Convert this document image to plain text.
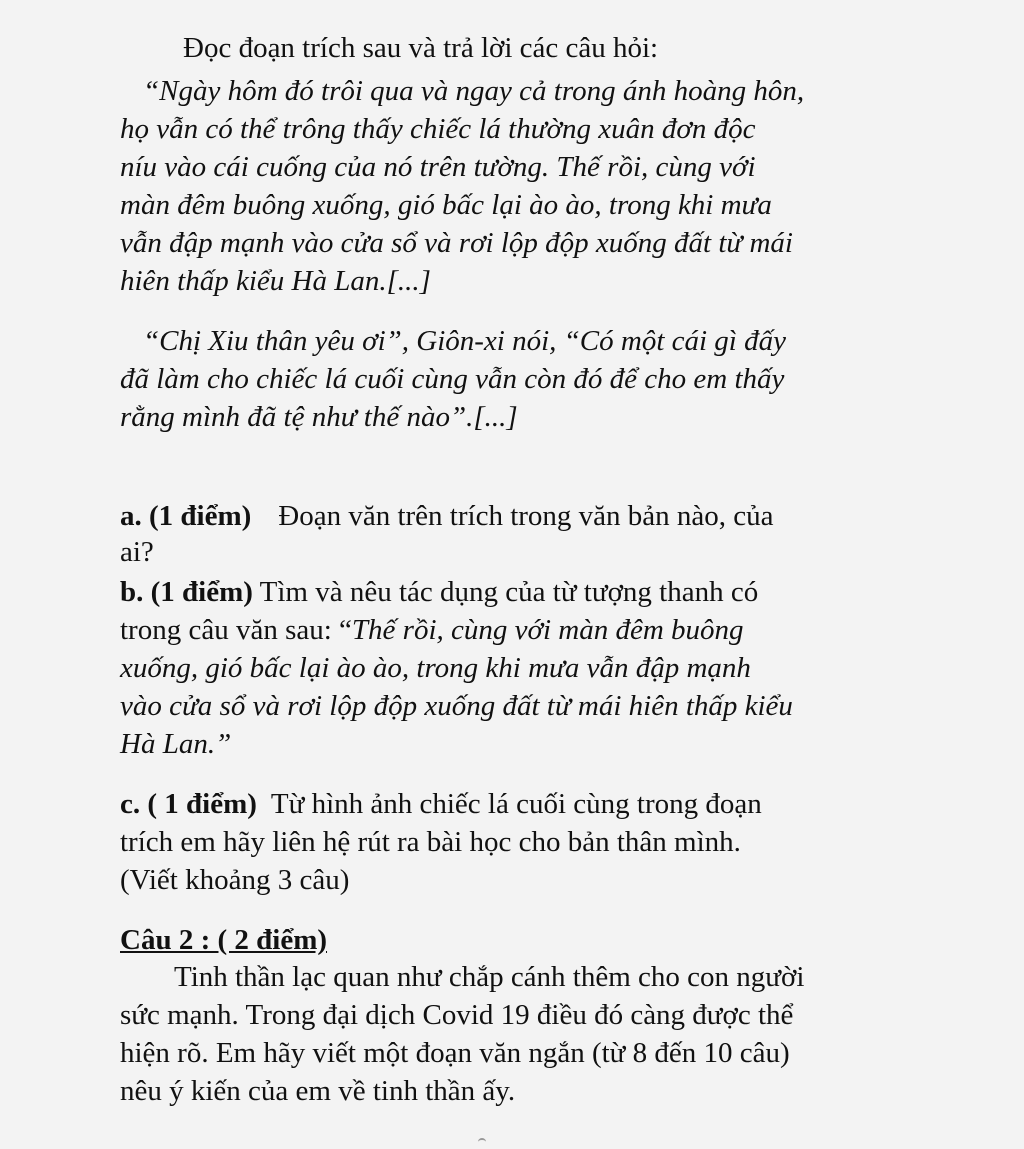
Đọc đoạn trích sau và trả lời các câu hỏi:
“Ngày hôm đó trôi qua và ngay cả trong ánh hoàng hôn,
họ vẫn có thể trông thấy chiếc lá thường xuân đơn độc
níu vào cái cuống của nó trên tường. Thế rồi, cùng với
màn đêm buông xuống, gió bấc lại ào ào, trong khi mưa
vẫn đập mạnh vào cửa sổ và rơi lộp độp xuống đất từ mái
hiên thấp kiểu Hà Lan.[...]
“Chị Xiu thân yêu ơi”, Giôn-xi nói, “Có một cái gì đấy
đã làm cho chiếc lá cuối cùng vẫn còn đó để cho em thấy
rằng mình đã tệ như thế nào”.[...]
a. (1 điểm) Đoạn văn trên trích trong văn bản nào, của
ai?
b. (1 điểm) Tìm và nêu tác dụng của từ tượng thanh có
trong câu văn sau: “Thế rồi, cùng với màn đêm buông
xuống, gió bấc lại ào ào, trong khi mưa vẫn đập mạnh
vào cửa sổ và rơi lộp độp xuống đất từ mái hiên thấp kiểu
Hà Lan.”
c. ( 1 điểm)  Từ hình ảnh chiếc lá cuối cùng trong đoạn
trích em hãy liên hệ rút ra bài học cho bản thân mình.
(Viết khoảng 3 câu)
Câu 2 : ( 2 điểm)
Tinh thần lạc quan như chắp cánh thêm cho con người
sức mạnh. Trong đại dịch Covid 19 điều đó càng được thể
hiện rõ. Em hãy viết một đoạn văn ngắn (từ 8 đến 10 câu)
nêu ý kiến của em về tinh thần ấy.
